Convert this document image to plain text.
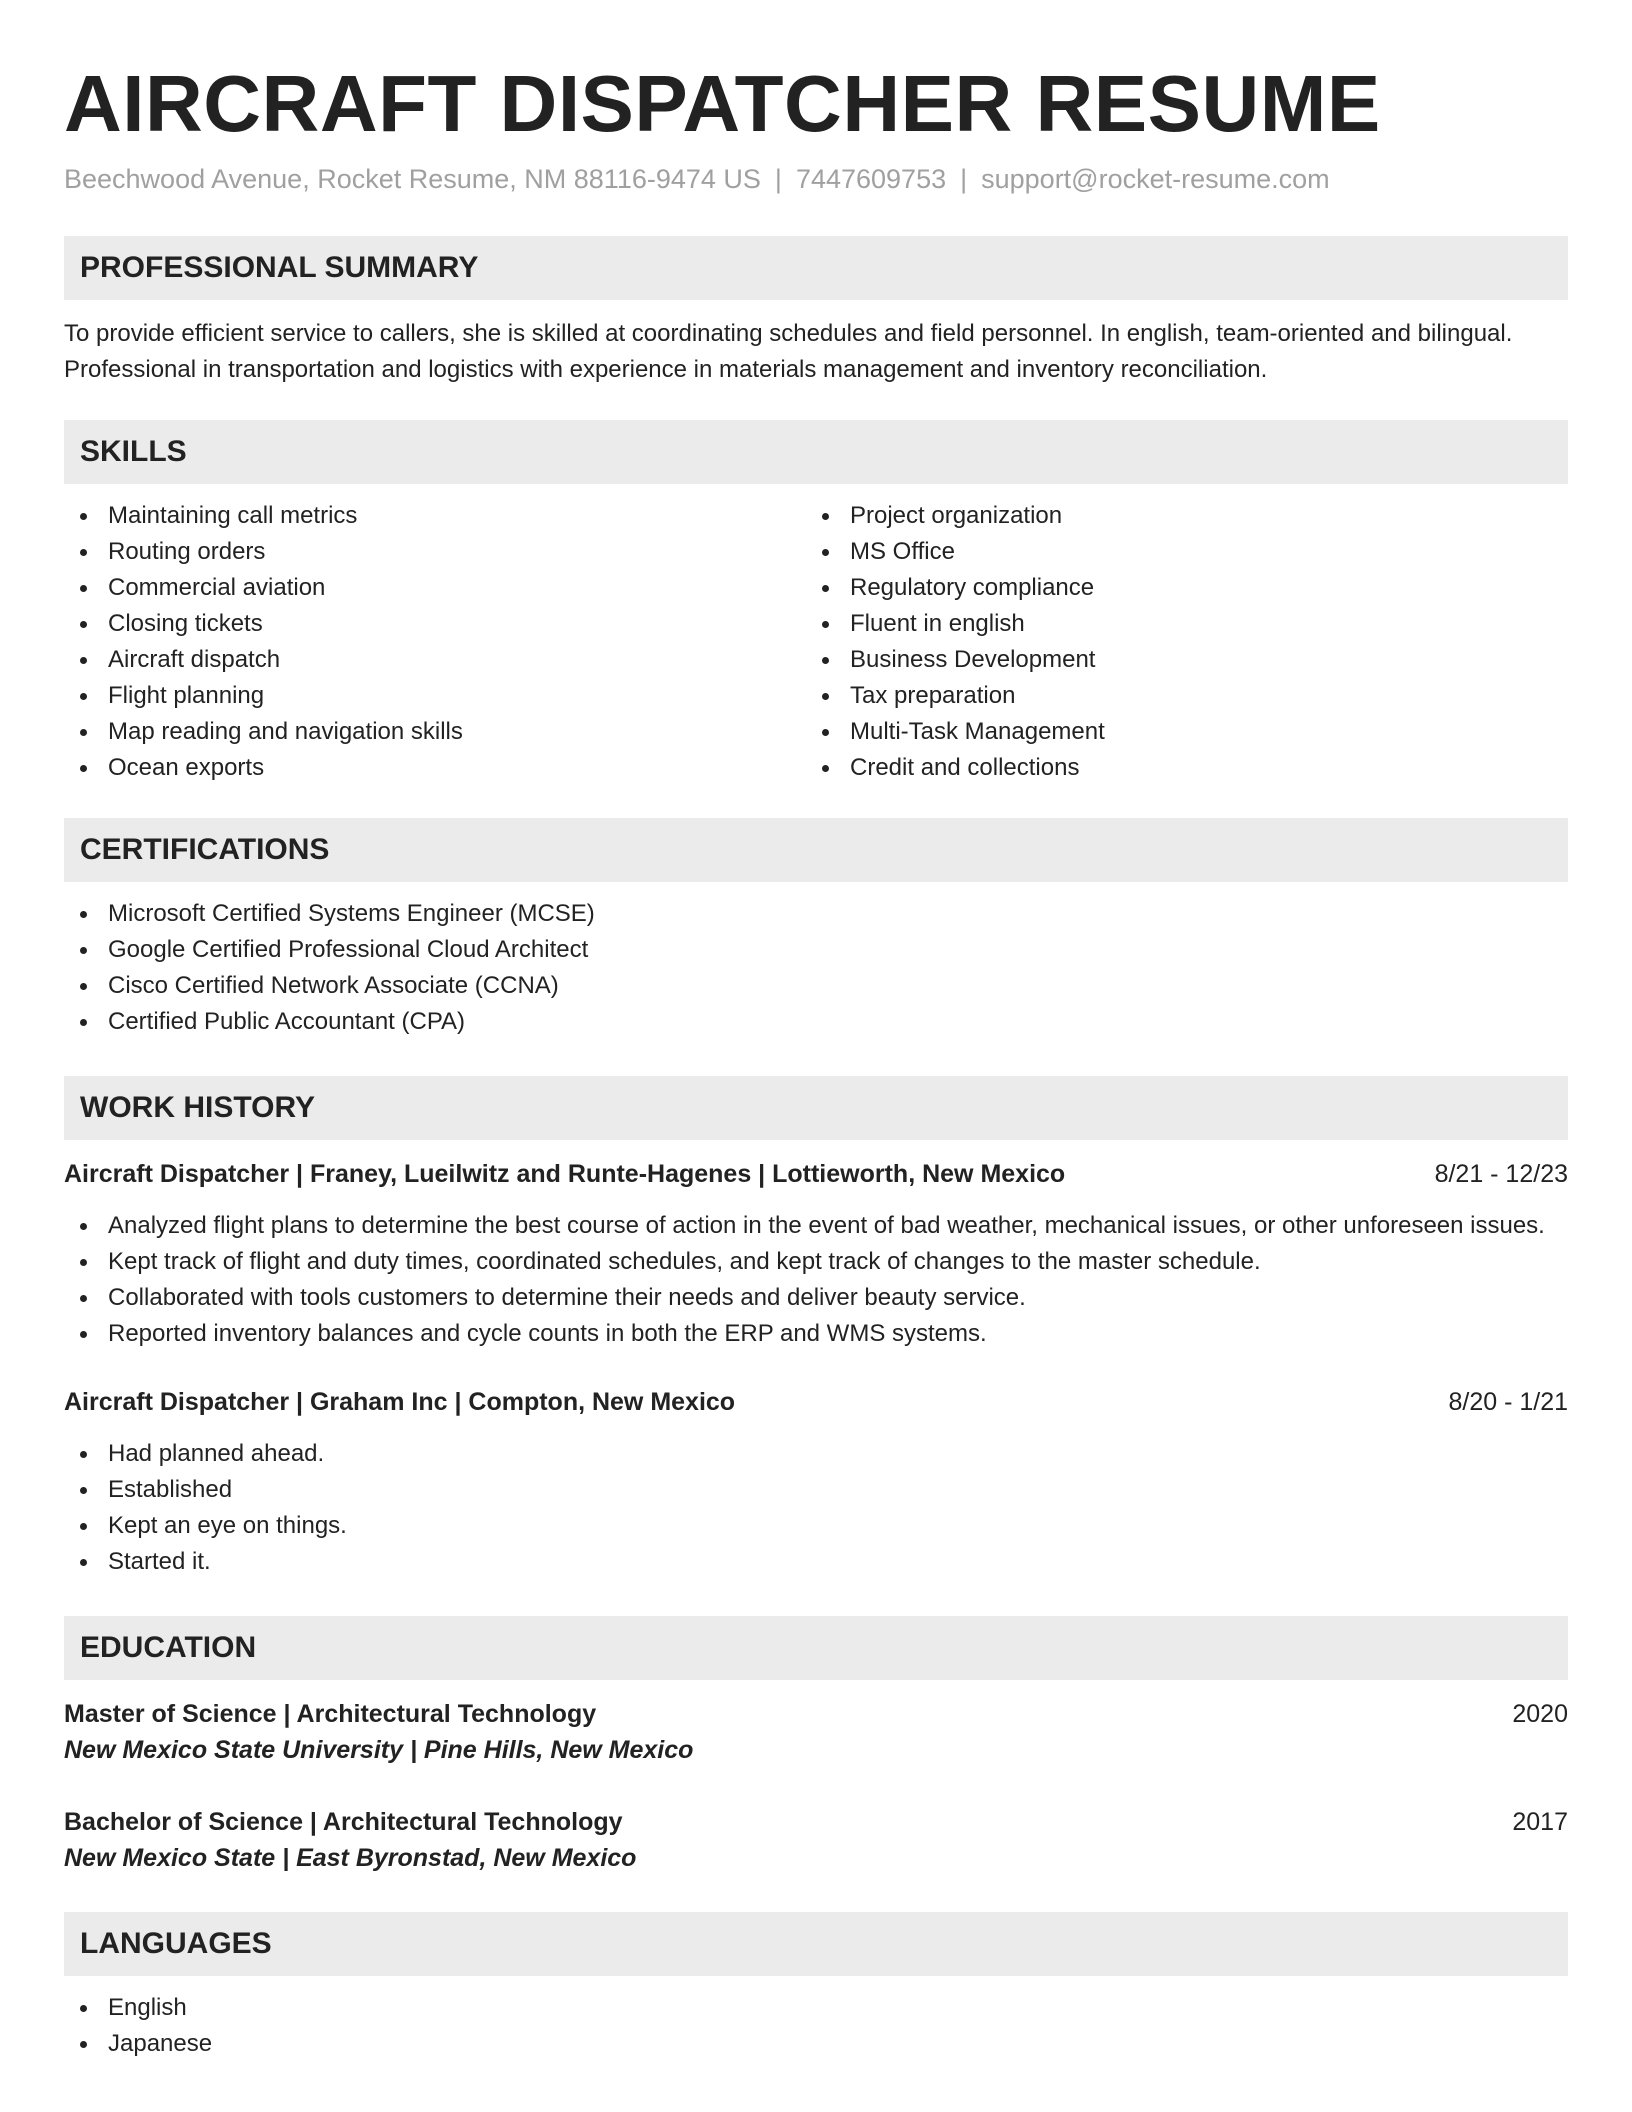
AIRCRAFT DISPATCHER RESUME
Beechwood Avenue, Rocket Resume, NM 88116-9474 US | 7447609753 | support@rocket-resume.com
PROFESSIONAL SUMMARY

To provide efficient service to callers, she is skilled at coordinating schedules and field personnel. In english, team-oriented and bilingual. Professional in transportation and logistics with experience in materials management and inventory reconciliation.

SKILLS
Maintaining call metrics
Routing orders
Commercial aviation
Closing tickets
Aircraft dispatch
Flight planning
Map reading and navigation skills
Ocean exports
Project organization
MS Office
Regulatory compliance
Fluent in english
Business Development
Tax preparation
Multi-Task Management
Credit and collections
CERTIFICATIONS
Microsoft Certified Systems Engineer (MCSE)
Google Certified Professional Cloud Architect
Cisco Certified Network Associate (CCNA)
Certified Public Accountant (CPA)
WORK HISTORY
Aircraft Dispatcher | Franey, Lueilwitz and Runte-Hagenes | Lottieworth, New Mexico	8/21 - 12/23
Analyzed flight plans to determine the best course of action in the event of bad weather, mechanical issues, or other unforeseen issues.
Kept track of flight and duty times, coordinated schedules, and kept track of changes to the master schedule.
Collaborated with tools customers to determine their needs and deliver beauty service.
Reported inventory balances and cycle counts in both the ERP and WMS systems.
Aircraft Dispatcher | Graham Inc | Compton, New Mexico	8/20 - 1/21
Had planned ahead.
Established
Kept an eye on things.
Started it.
EDUCATION
Master of Science | Architectural Technology	2020
New Mexico State University | Pine Hills, New Mexico
Bachelor of Science | Architectural Technology	2017
New Mexico State | East Byronstad, New Mexico
LANGUAGES
English
Japanese
